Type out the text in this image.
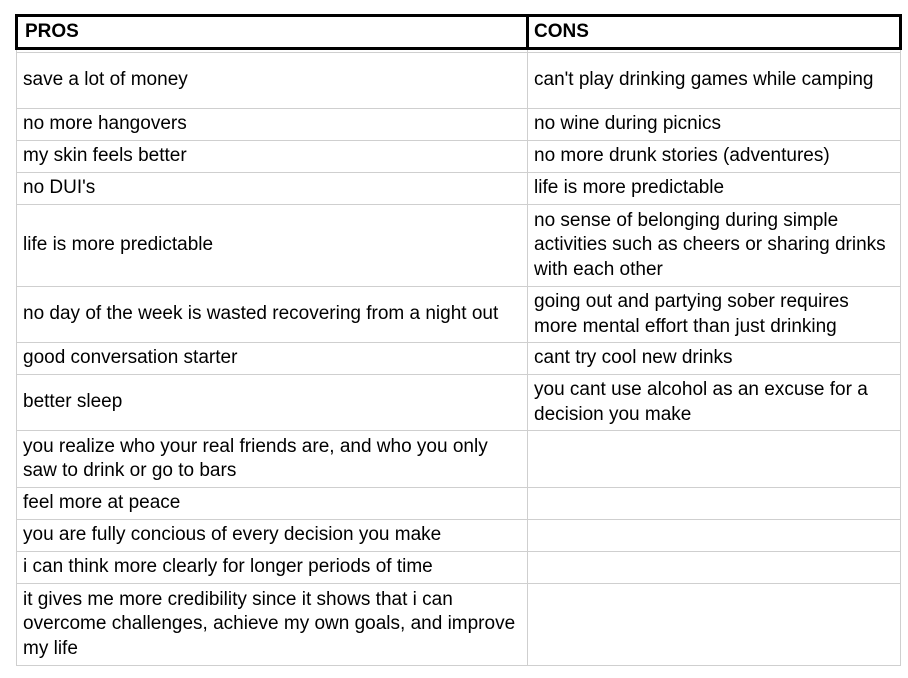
PROS	CONS

save a lot of money	can't play drinking games while camping
no more hangovers	no wine during picnics
my skin feels better	no more drunk stories (adventures)
no DUI's	life is more predictable
life is more predictable	no sense of belonging during simple activities such as cheers or sharing drinks with each other
no day of the week is wasted recovering from a night out	going out and partying sober requires more mental effort than just drinking
good conversation starter	cant try cool new drinks
better sleep	you cant use alcohol as an excuse for a decision you make
you realize who your real friends are, and who you only saw to drink or go to bars	
feel more at peace	
you are fully concious of every decision you make	
i can think more clearly for longer periods of time	
it gives me more credibility since it shows that i can overcome challenges, achieve my own goals, and improve my life	
